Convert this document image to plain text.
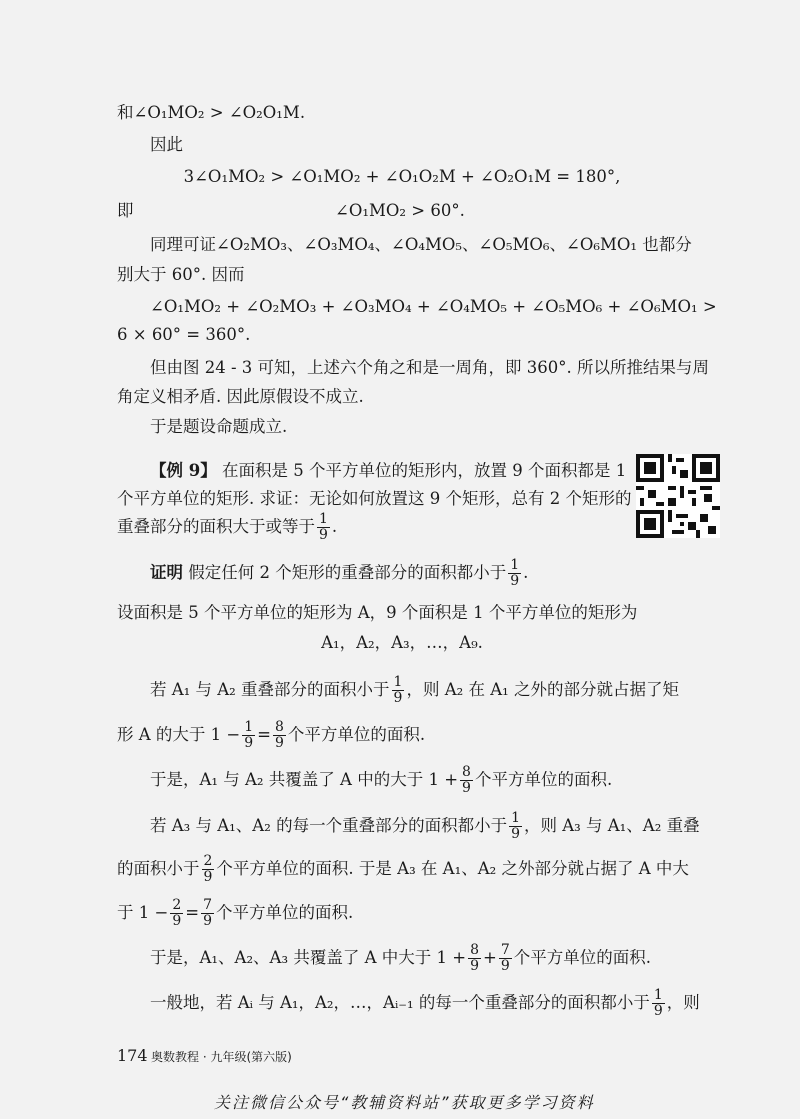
和∠O₁MO₂ > ∠O₂O₁M.
因此
3∠O₁MO₂ > ∠O₁MO₂ + ∠O₁O₂M + ∠O₂O₁M = 180°,
即	∠O₁MO₂ > 60°.
同理可证∠O₂MO₃、∠O₃MO₄、∠O₄MO₅、∠O₅MO₆、∠O₆MO₁ 也都分
别大于 60°. 因而
∠O₁MO₂ + ∠O₂MO₃ + ∠O₃MO₄ + ∠O₄MO₅ + ∠O₅MO₆ + ∠O₆MO₁ >
6 × 60° = 360°.
但由图 24 - 3 可知，上述六个角之和是一周角，即 360°. 所以所推结果与周
角定义相矛盾. 因此原假设不成立.
于是题设命题成立.
【例 9】 在面积是 5 个平方单位的矩形内，放置 9 个面积都是 1
个平方单位的矩形. 求证：无论如何放置这 9 个矩形，总有 2 个矩形的
重叠部分的面积大于或等于 $\frac{1}{9}$ .
证明 假定任何 2 个矩形的重叠部分的面积都小于 $\frac{1}{9}$ .
设面积是 5 个平方单位的矩形为 A，9 个面积是 1 个平方单位的矩形为
A₁，A₂，A₃，…，A₉.
若 A₁ 与 A₂ 重叠部分的面积小于 $\frac{1}{9}$ ，则 A₂ 在 A₁ 之外的部分就占据了矩
形 A 的大于 $1 - \frac{1}{9} = \frac{8}{9}$ 个平方单位的面积.
于是，A₁ 与 A₂ 共覆盖了 A 中的大于 $1 + \frac{8}{9}$ 个平方单位的面积.
若 A₃ 与 A₁、A₂ 的每一个重叠部分的面积都小于 $\frac{1}{9}$ ，则 A₃ 与 A₁、A₂ 重叠
的面积小于 $\frac{2}{9}$ 个平方单位的面积. 于是 A₃ 在 A₁、A₂ 之外部分就占据了 A 中大
于 $1 - \frac{2}{9} = \frac{7}{9}$ 个平方单位的面积.
于是，A₁、A₂、A₃ 共覆盖了 A 中大于 $1 + \frac{8}{9} + \frac{7}{9}$ 个平方单位的面积.
一般地，若 Aᵢ 与 A₁，A₂，…，Aᵢ₋₁ 的每一个重叠部分的面积都小于 $\frac{1}{9}$ ，则
174 奥数教程 · 九年级(第六版)
关注微信公众号“教辅资料站”获取更多学习资料
